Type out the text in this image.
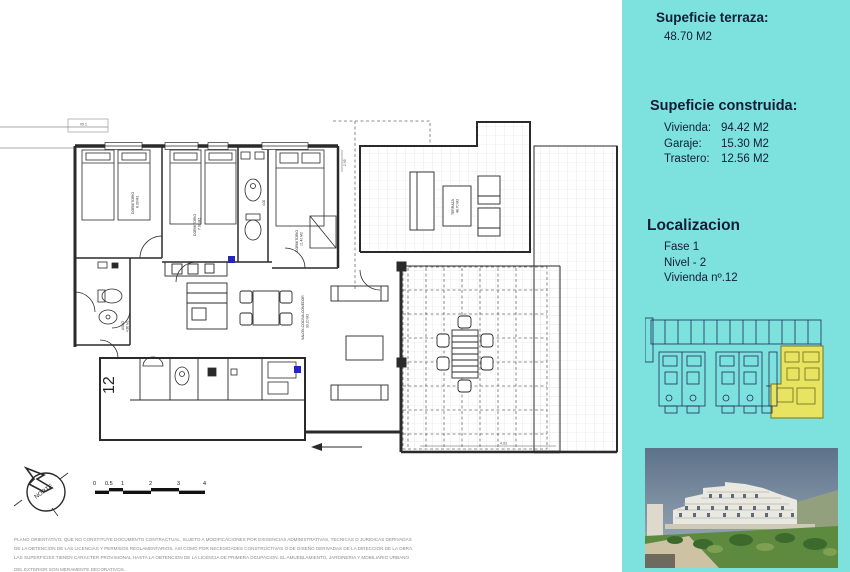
DORMITORIO 8.39 M2
DORMITORIO 7.92 M2
4.00
DORMITORIO 11.40 M2
ASEO 4.80 M2	SALON-COCINA-COMEDOR 33.20 M2
TERRAZA 48.70 M2
12
05.1
2.95
4.03
NORTE	0 0.5 1	2	3	4
PLANO ORIENTATIVO, QUE NO CONSTITUYE DOCUMENTO CONTRACTUAL, SUJETO A MODIFICACIONES POR EXIGENCIAS ADMINISTRATIVAS, TECNICAS O JURIDICAS DERIVADAS
DE LA OBTENCION DE LAS LICENCIAS Y PERMISOS REGLAMENTARIOS, ASI COMO POR NECESIDADES CONSTRUCTIVAS O DE DISEÑO DERIVADAS DE LA DIRECCION DE LA OBRA.
LAS SUPERFICIES TIENEN CARACTER PROVISIONAL HASTA LA OBTENCION DE LA LICENCIA DE PRIMERA OCUPACION. EL AMUEBLAMIENTO, JARDINERIA Y MOBILIARIO URBANO
DEL EXTERIOR SON MERAMENTE DECORATIVOS.
Supeficie terraza:
48.70 M2
Supeficie construida:
Vivienda: 94.42 M2
Garaje:	15.30 M2
Trastero: 12.56 M2
Localizacion
Fase 1
Nivel - 2
Vivienda nº.12
